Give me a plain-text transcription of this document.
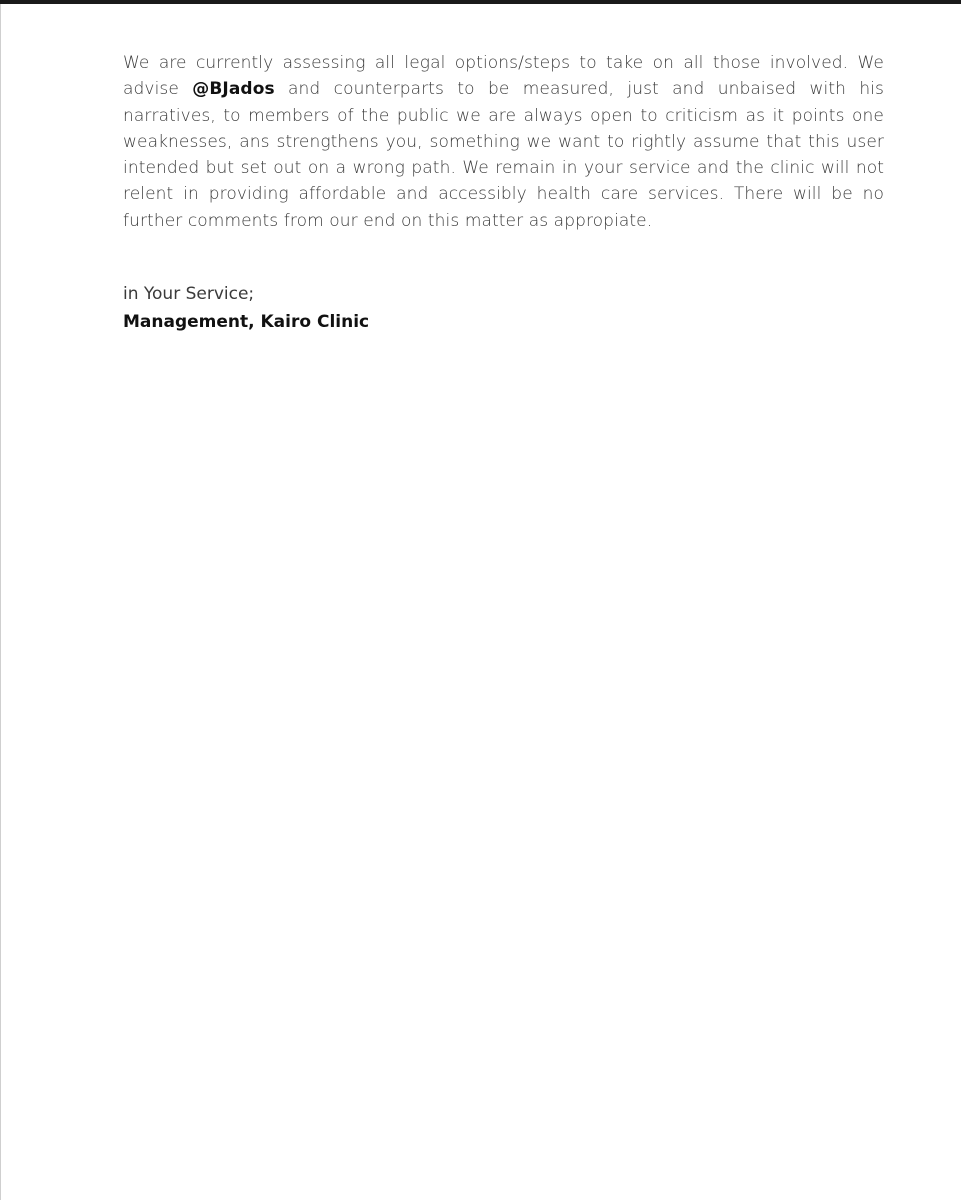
We are currently assessing all legal options/steps to take on all those involved. We advise @BJados and counterparts to be measured, just and unbaised with his narratives, to members of the public we are always open to criticism as it points one weaknesses, ans strengthens you, something we want to rightly assume that this user intended but set out on a wrong path. We remain in your service and the clinic will not relent in providing affordable and accessibly health care services. There will be no further comments from our end on this matter as appropiate.

in Your Service;
Management, Kairo Clinic
